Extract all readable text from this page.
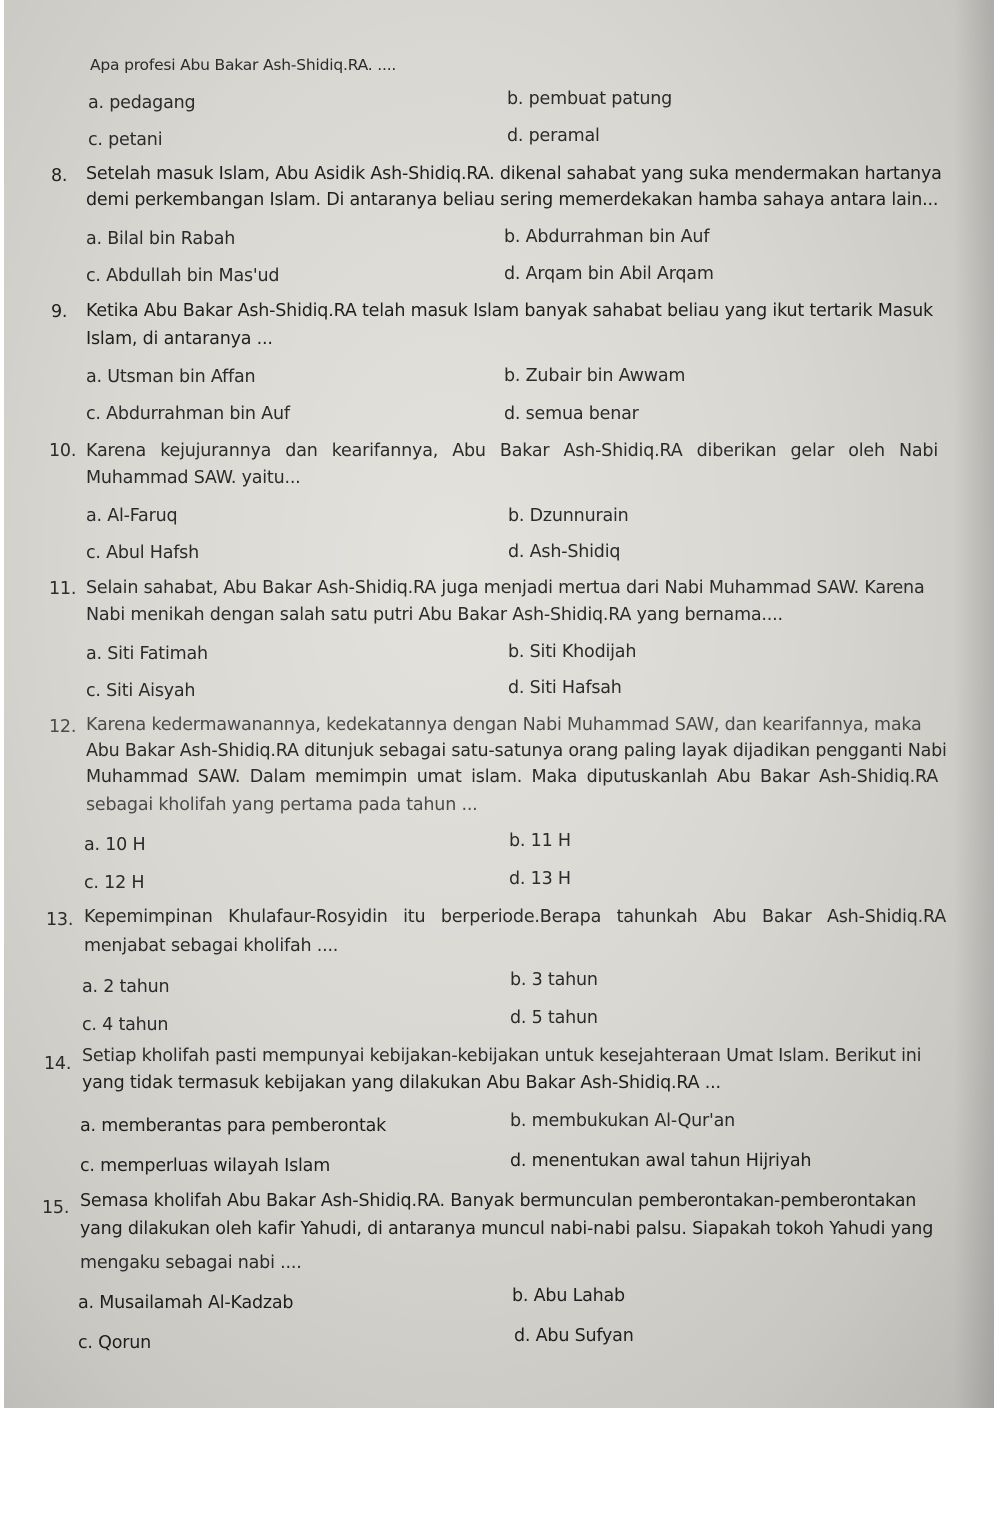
Apa profesi Abu Bakar Ash-Shidiq.RA. ....
a. pedagang	b. pembuat patung
c. petani	d. peramal
8. Setelah masuk Islam, Abu Asidik Ash-Shidiq.RA. dikenal sahabat yang suka mendermakan hartanya
demi perkembangan Islam. Di antaranya beliau sering memerdekakan hamba sahaya antara lain...
a. Bilal bin Rabah	b. Abdurrahman bin Auf
c. Abdullah bin Mas'ud	d. Arqam bin Abil Arqam
9. Ketika Abu Bakar Ash-Shidiq.RA telah masuk Islam banyak sahabat beliau yang ikut tertarik Masuk
Islam, di antaranya ...
a. Utsman bin Affan	b. Zubair bin Awwam
c. Abdurrahman bin Auf	d. semua benar
10. Karena kejujurannya dan kearifannya, Abu Bakar Ash-Shidiq.RA diberikan gelar oleh Nabi
Muhammad SAW. yaitu...
a. Al-Faruq	b. Dzunnurain
c. Abul Hafsh	d. Ash-Shidiq
11. Selain sahabat, Abu Bakar Ash-Shidiq.RA juga menjadi mertua dari Nabi Muhammad SAW. Karena
Nabi menikah dengan salah satu putri Abu Bakar Ash-Shidiq.RA yang bernama....
a. Siti Fatimah	b. Siti Khodijah
c. Siti Aisyah	d. Siti Hafsah
12. Karena kedermawanannya, kedekatannya dengan Nabi Muhammad SAW, dan kearifannya, maka
Abu Bakar Ash-Shidiq.RA ditunjuk sebagai satu-satunya orang paling layak dijadikan pengganti Nabi
Muhammad SAW. Dalam memimpin umat islam. Maka diputuskanlah Abu Bakar Ash-Shidiq.RA
sebagai kholifah yang pertama pada tahun ...
a. 10 H	b. 11 H
c. 12 H	d. 13 H
13. Kepemimpinan Khulafaur-Rosyidin itu berperiode.Berapa tahunkah Abu Bakar Ash-Shidiq.RA
menjabat sebagai kholifah ....
a. 2 tahun	b. 3 tahun
c. 4 tahun	d. 5 tahun
14. Setiap kholifah pasti mempunyai kebijakan-kebijakan untuk kesejahteraan Umat Islam. Berikut ini
yang tidak termasuk kebijakan yang dilakukan Abu Bakar Ash-Shidiq.RA ...
a. memberantas para pemberontak	b. membukukan Al-Qur'an
c. memperluas wilayah Islam	d. menentukan awal tahun Hijriyah
15. Semasa kholifah Abu Bakar Ash-Shidiq.RA. Banyak bermunculan pemberontakan-pemberontakan
yang dilakukan oleh kafir Yahudi, di antaranya muncul nabi-nabi palsu. Siapakah tokoh Yahudi yang
mengaku sebagai nabi ....
a. Musailamah Al-Kadzab	b. Abu Lahab
c. Qorun	d. Abu Sufyan
